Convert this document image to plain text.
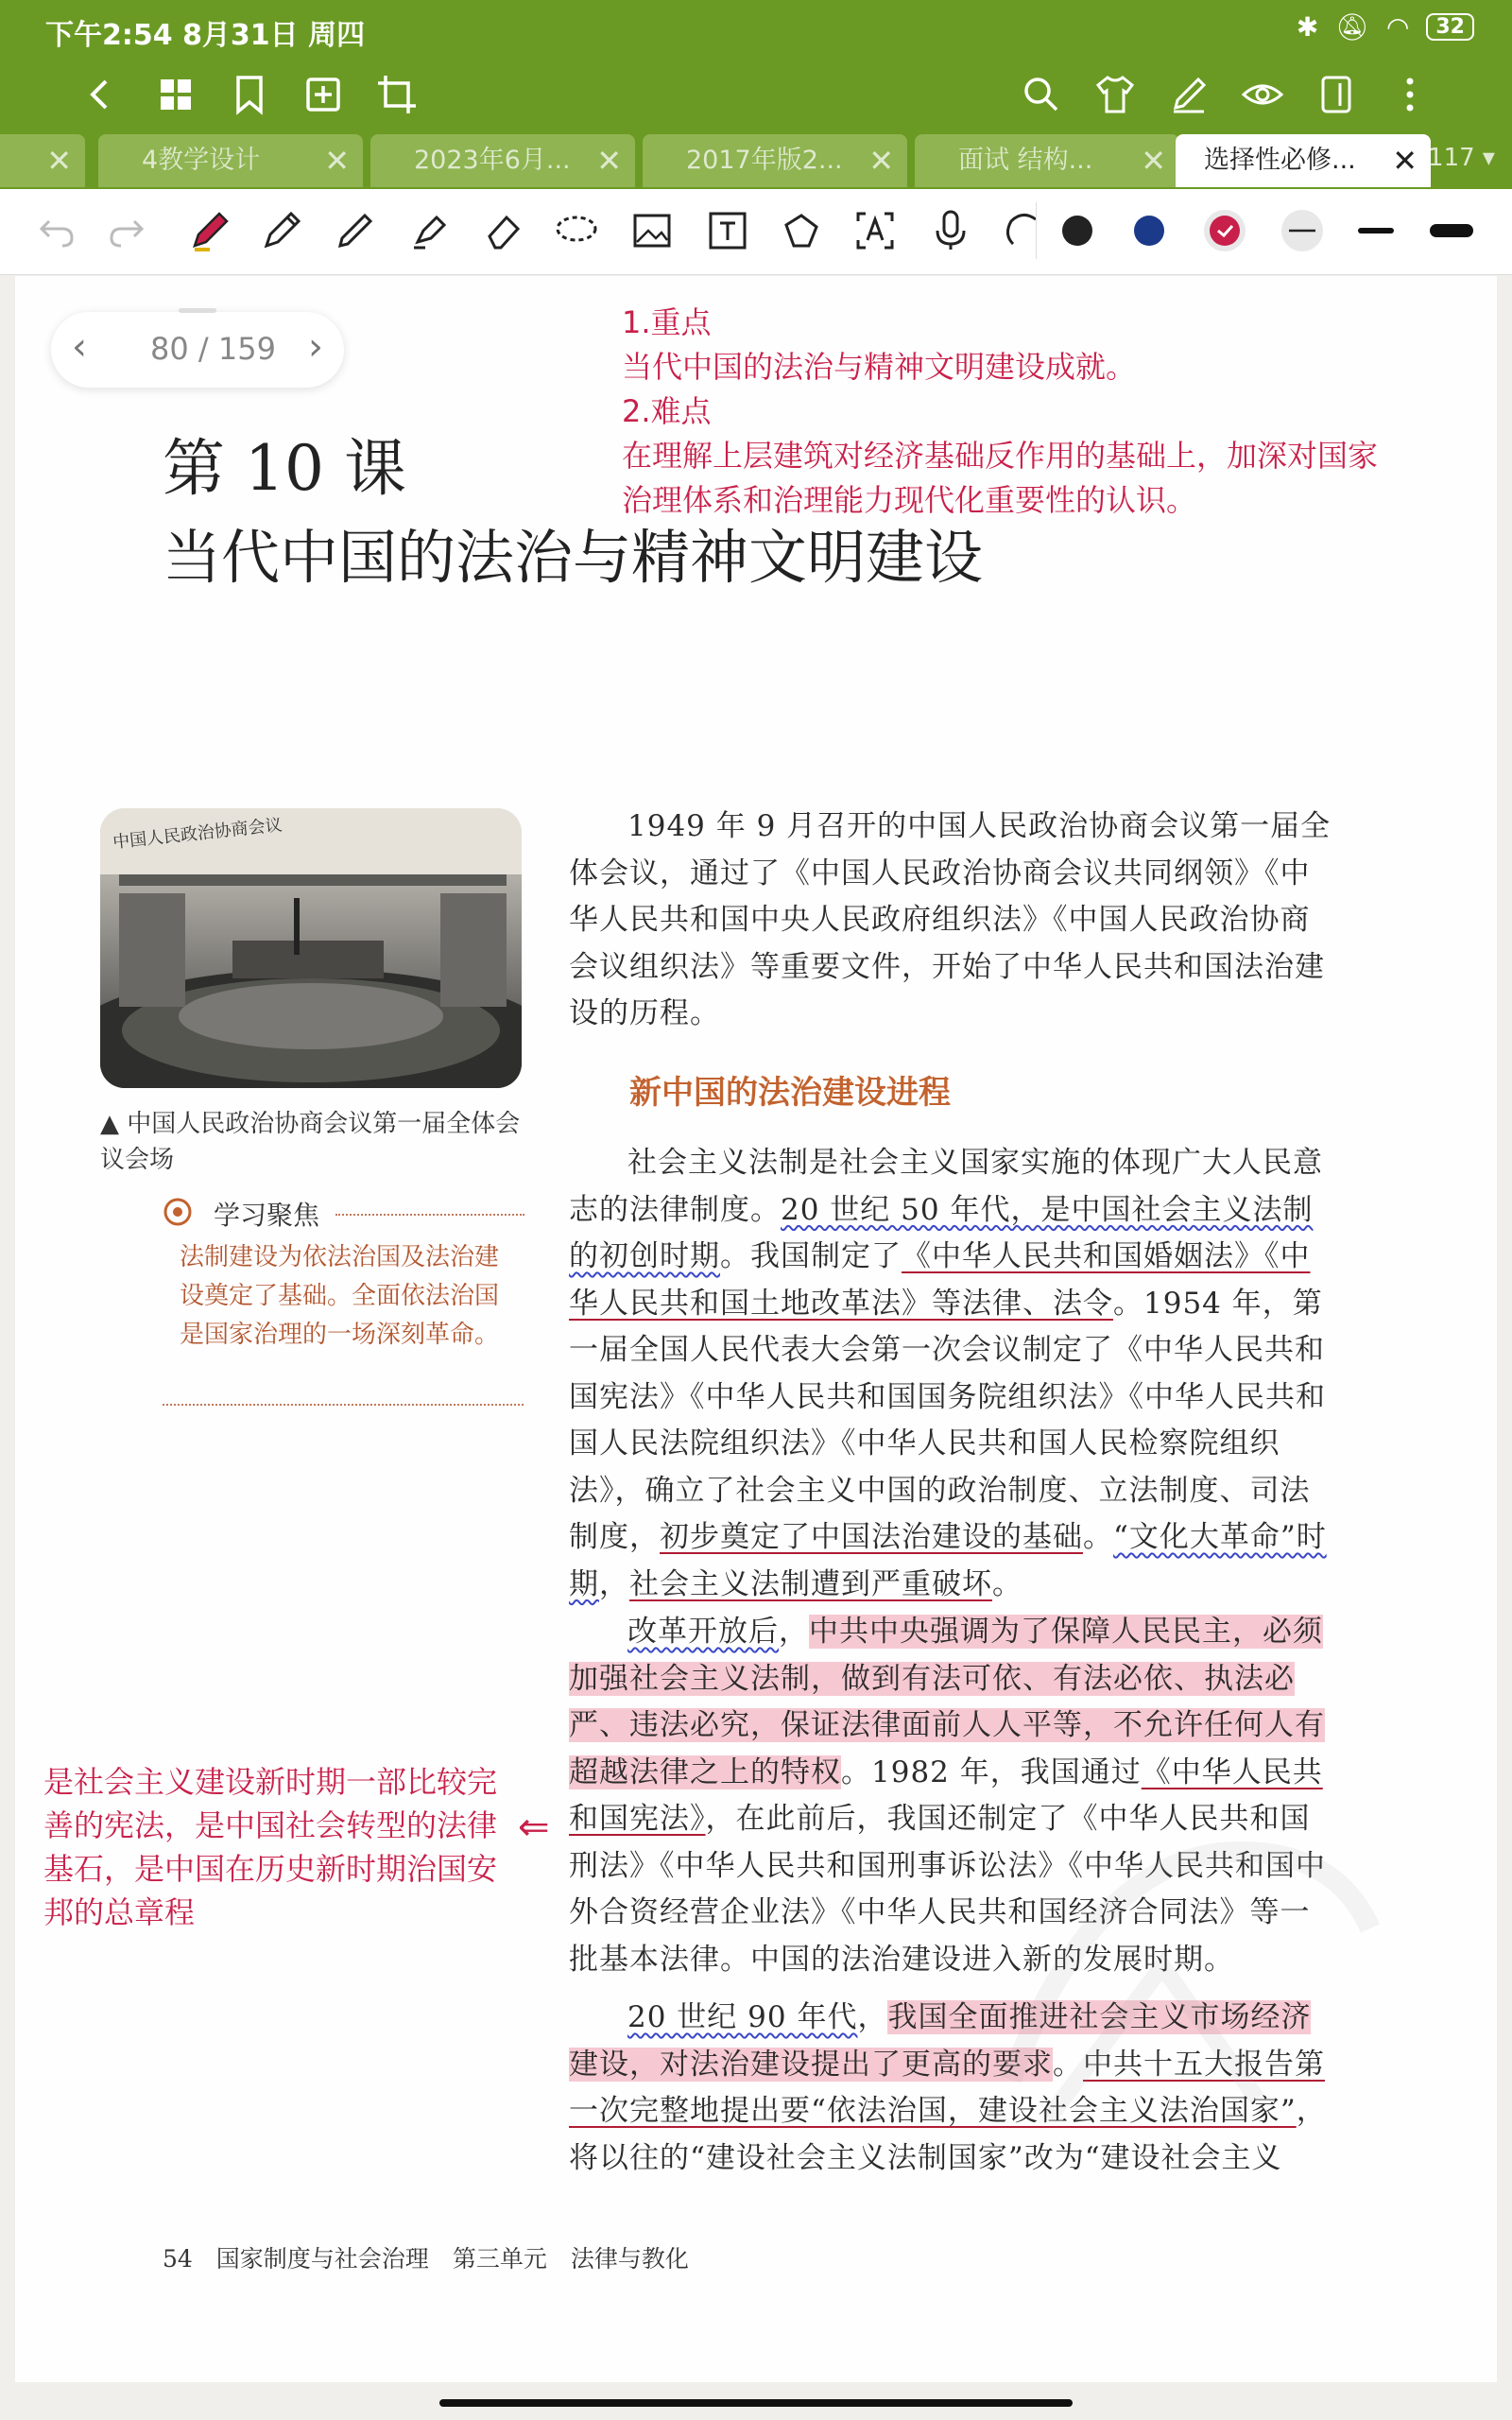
下午2:54 8月31日 周四	✱ 🔕︎ ◠	32
✕	4教学设计	✕	2023年6月... ✕	2017年版2... ✕	面试 结构...	✕ 选择性必修...	✕ 117 ▾
‹ 80 / 159 ›
第 10 课
当代中国的法治与精神文明建设
1.重点
当代中国的法治与精神文明建设成就。
2.难点
在理解上层建筑对经济基础反作用的基础上，加深对国家
治理体系和治理能力现代化重要性的认识。
中国人民政治协商会议
▲ 中国人民政治协商会议第一届全体会议会场
学习聚焦
法制建设为依法治国及法治建设奠定了基础。全面依法治国是国家治理的一场深刻革命。
1949 年 9 月召开的中国人民政治协商会议第一届全体会议，通过了《中国人民政治协商会议共同纲领》《中华人民共和国中央人民政府组织法》《中国人民政治协商会议组织法》等重要文件，开始了中华人民共和国法治建设的历程。
新中国的法治建设进程
社会主义法制是社会主义国家实施的体现广大人民意志的法律制度。20 世纪 50 年代，是中国社会主义法制的初创时期。我国制定了《中华人民共和国婚姻法》《中华人民共和国土地改革法》等法律、法令。1954 年，第一届全国人民代表大会第一次会议制定了《中华人民共和国宪法》《中华人民共和国国务院组织法》《中华人民共和国人民法院组织法》《中华人民共和国人民检察院组织法》，确立了社会主义中国的政治制度、立法制度、司法制度，初步奠定了中国法治建设的基础。“文化大革命”时期，社会主义法制遭到严重破坏。
改革开放后，中共中央强调为了保障人民民主，必须加强社会主义法制，做到有法可依、有法必依、执法必严、违法必究，保证法律面前人人平等，不允许任何人有超越法律之上的特权。1982 年，我国通过《中华人民共和国宪法》，在此前后，我国还制定了《中华人民共和国刑法》《中华人民共和国刑事诉讼法》《中华人民共和国中外合资经营企业法》《中华人民共和国经济合同法》等一批基本法律。中国的法治建设进入新的发展时期。
20 世纪 90 年代，我国全面推进社会主义市场经济建设，对法治建设提出了更高的要求。中共十五大报告第一次完整地提出要“依法治国，建设社会主义法治国家”，将以往的“建设社会主义法制国家”改为“建设社会主义
是社会主义建设新时期一部比较完善的宪法，是中国社会转型的法律基石，是中国在历史新时期治国安邦的总章程
⇐
54　国家制度与社会治理　第三单元　法律与教化
